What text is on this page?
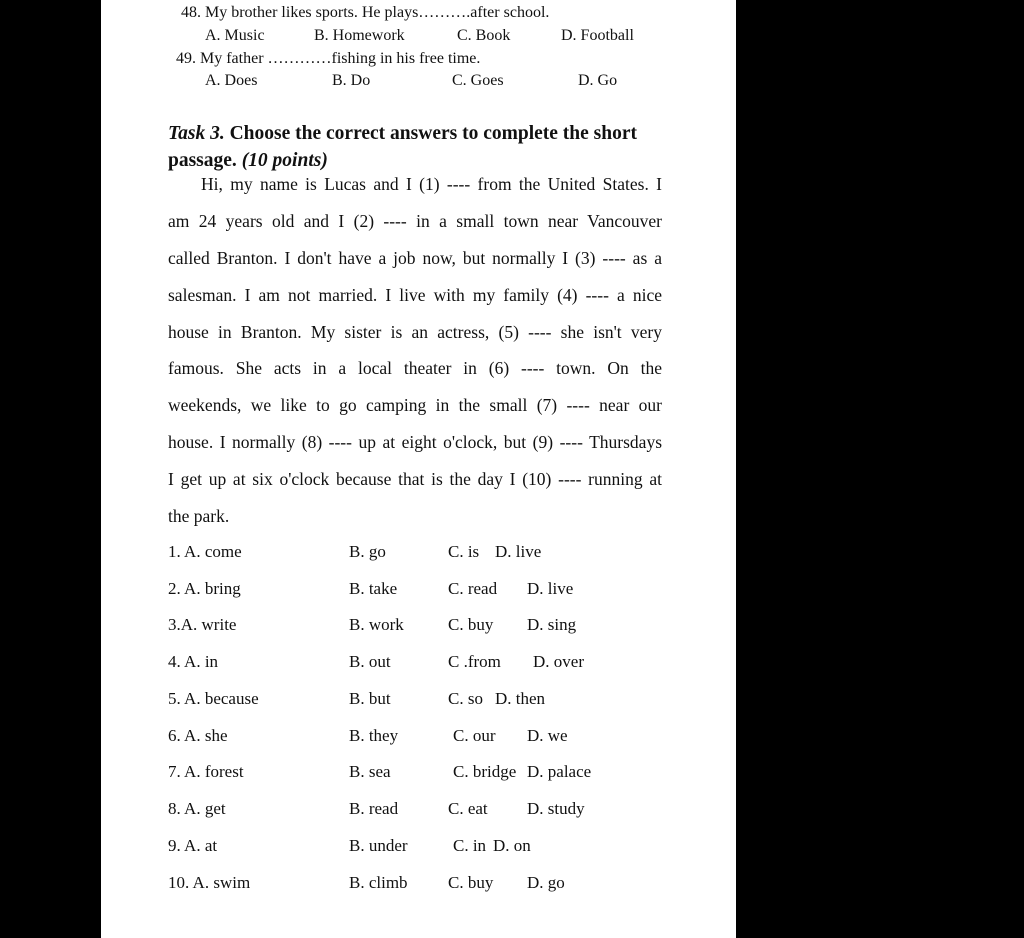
48. My brother likes sports. He plays……….after school.
A. Music	B. Homework	C. Book	D. Football
49. My father …………fishing in his free time.
A. Does	B. Do	C. Goes	D. Go
Task 3. Choose the correct answers to complete the short
passage. (10 points)
Hi, my name is Lucas and I (1) ---- from the United States. I
am 24 years old and I (2) ---- in a small town near Vancouver
called Branton. I don't have a job now, but normally I (3) ---- as a
salesman. I am not married. I live with my family (4) ---- a nice
house in Branton. My sister is an actress, (5) ---- she isn't very
famous. She acts in a local theater in (6) ---- town. On the
weekends, we like to go camping in the small (7) ---- near our
house. I normally (8) ---- up at eight o'clock, but (9) ---- Thursdays
I get up at six o'clock because that is the day I (10) ---- running at
the park.
1. A. come	B. go	C. is D. live
2. A. bring	B. take	C. read D. live
3.A. write	B. work	C. buy D. sing
4. A. in	B. out	C .from D. over
5. A. because	B. but	C. so D. then
6. A. she	B. they	C. our D. we
7. A. forest	B. sea	C. bridge D. palace
8. A. get	B. read	C. eat D. study
9. A. at	B. under	C. in D. on
10. A. swim	B. climb C. buy D. go
